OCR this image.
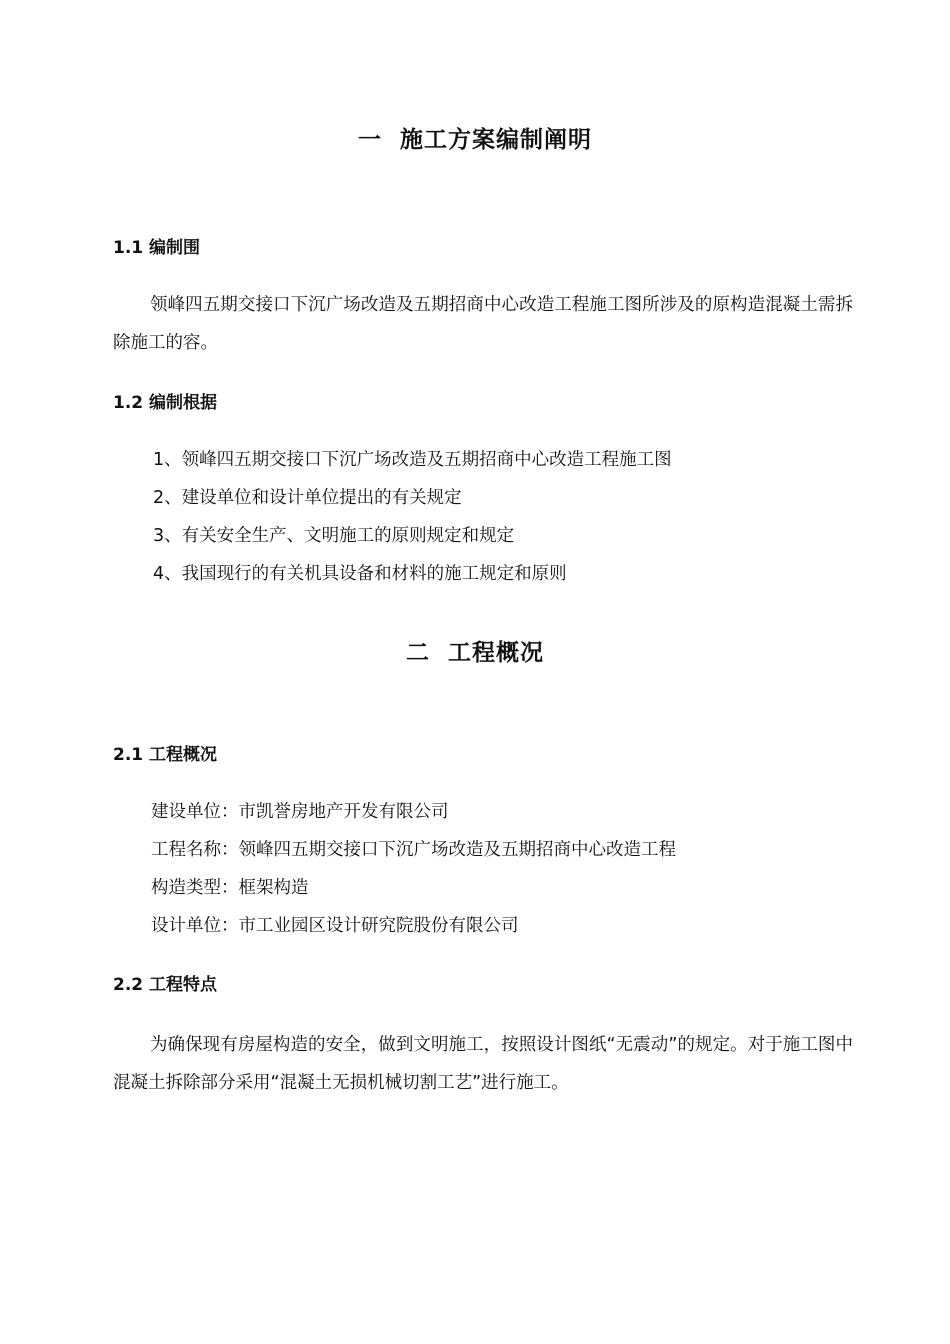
一 施工方案编制阐明
1.1 编制围
领峰四五期交接口下沉广场改造及五期招商中心改造工程施工图所涉及的原构造混凝土需拆除施工的容。
1.2 编制根据
1、领峰四五期交接口下沉广场改造及五期招商中心改造工程施工图
2、建设单位和设计单位提出的有关规定
3、有关安全生产、文明施工的原则规定和规定
4、我国现行的有关机具设备和材料的施工规定和原则
二 工程概况
2.1 工程概况
建设单位：市凯誉房地产开发有限公司
工程名称：领峰四五期交接口下沉广场改造及五期招商中心改造工程
构造类型：框架构造
设计单位：市工业园区设计研究院股份有限公司
2.2 工程特点
为确保现有房屋构造的安全，做到文明施工，按照设计图纸“无震动”的规定。对于施工图中混凝土拆除部分采用“混凝土无损机械切割工艺”进行施工。
